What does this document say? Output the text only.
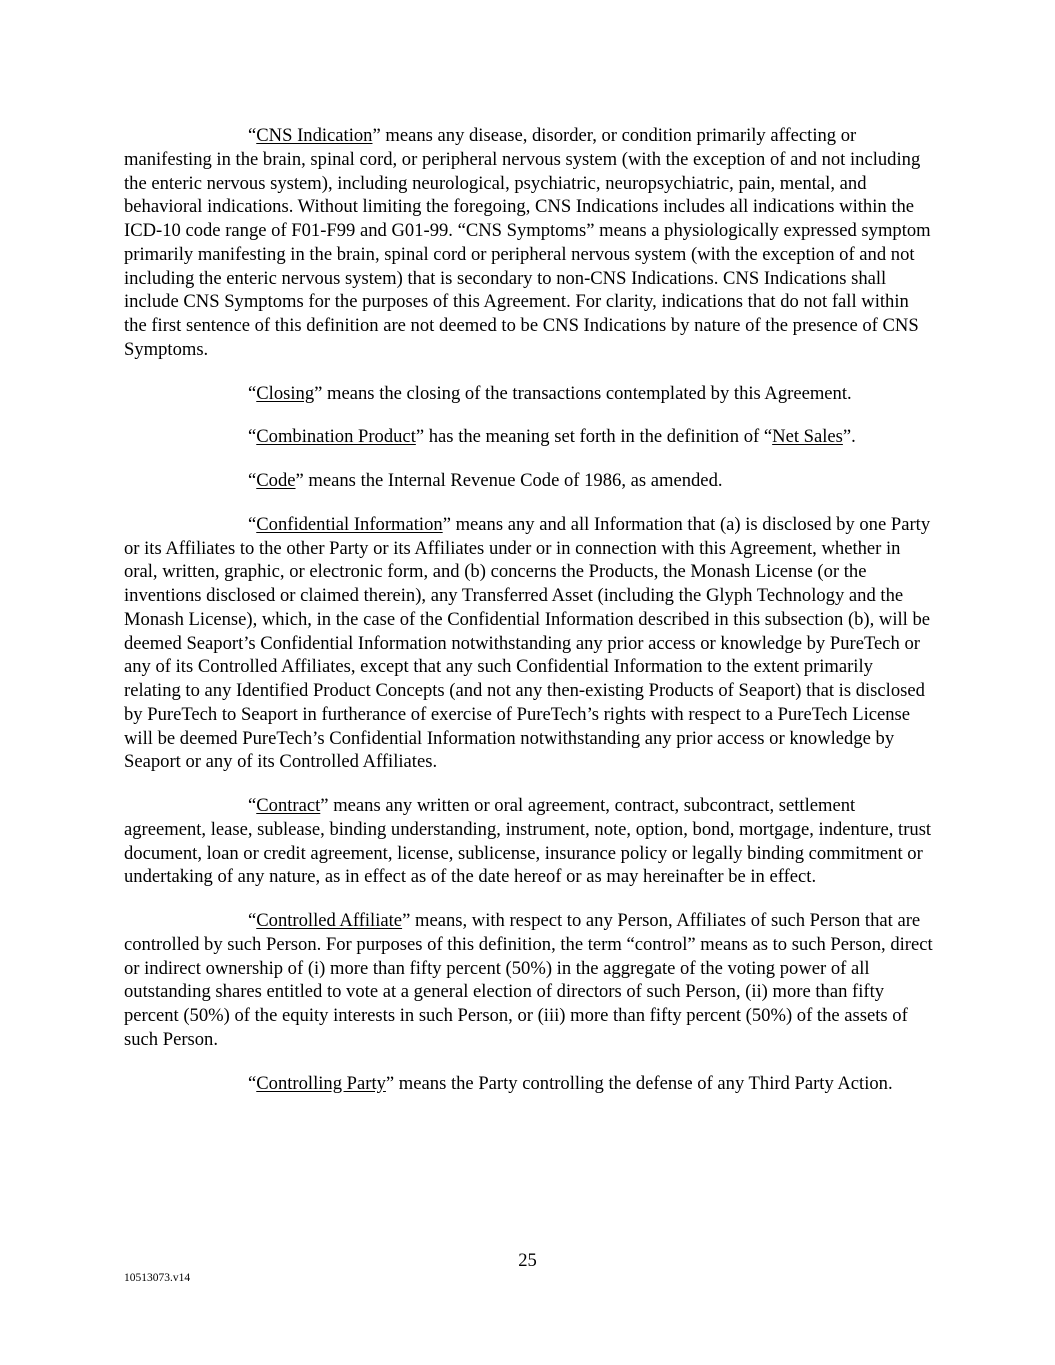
“CNS Indication” means any disease, disorder, or condition primarily affecting or manifesting in the brain, spinal cord, or peripheral nervous system (with the exception of and not including the enteric nervous system), including neurological, psychiatric, neuropsychiatric, pain, mental, and behavioral indications. Without limiting the foregoing, CNS Indications includes all indications within the ICD-10 code range of F01-F99 and G01-99. “CNS Symptoms” means a physiologically expressed symptom primarily manifesting in the brain, spinal cord or peripheral nervous system (with the exception of and not including the enteric nervous system) that is secondary to non-CNS Indications. CNS Indications shall include CNS Symptoms for the purposes of this Agreement. For clarity, indications that do not fall within the first sentence of this definition are not deemed to be CNS Indications by nature of the presence of CNS Symptoms.

“Closing” means the closing of the transactions contemplated by this Agreement.

“Combination Product” has the meaning set forth in the definition of “Net Sales”.

“Code” means the Internal Revenue Code of 1986, as amended.

“Confidential Information” means any and all Information that (a) is disclosed by one Party or its Affiliates to the other Party or its Affiliates under or in connection with this Agreement, whether in oral, written, graphic, or electronic form, and (b) concerns the Products, the Monash License (or the inventions disclosed or claimed therein), any Transferred Asset (including the Glyph Technology and the Monash License), which, in the case of the Confidential Information described in this subsection (b), will be deemed Seaport’s Confidential Information notwithstanding any prior access or knowledge by PureTech or any of its Controlled Affiliates, except that any such Confidential Information to the extent primarily relating to any Identified Product Concepts (and not any then-existing Products of Seaport) that is disclosed by PureTech to Seaport in furtherance of exercise of PureTech’s rights with respect to a PureTech License will be deemed PureTech’s Confidential Information notwithstanding any prior access or knowledge by Seaport or any of its Controlled Affiliates.

“Contract” means any written or oral agreement, contract, subcontract, settlement agreement, lease, sublease, binding understanding, instrument, note, option, bond, mortgage, indenture, trust document, loan or credit agreement, license, sublicense, insurance policy or legally binding commitment or undertaking of any nature, as in effect as of the date hereof or as may hereinafter be in effect.

“Controlled Affiliate” means, with respect to any Person, Affiliates of such Person that are controlled by such Person. For purposes of this definition, the term “control” means as to such Person, direct or indirect ownership of (i) more than fifty percent (50%) in the aggregate of the voting power of all outstanding shares entitled to vote at a general election of directors of such Person, (ii) more than fifty percent (50%) of the equity interests in such Person, or (iii) more than fifty percent (50%) of the assets of such Person.

“Controlling Party” means the Party controlling the defense of any Third Party Action.

25
10513073.v14
